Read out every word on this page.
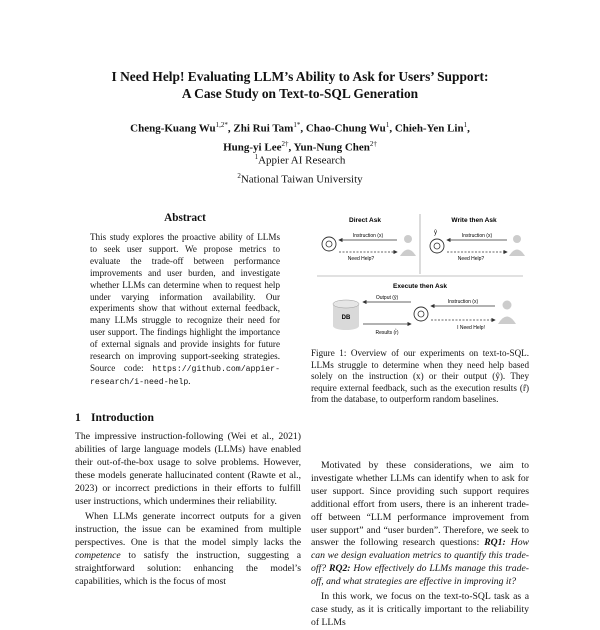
I Need Help! Evaluating LLM’s Ability to Ask for Users’ Support:
A Case Study on Text-to-SQL Generation
Cheng-Kuang $Wu^{1,2*}$, Zhi Rui Tam$^{1*}$, Chao-Chung Wu$^1$, Chieh-Yen Lin$^1$,
Hung-yi Lee$^{2\dagger}$, Yun-Nung Chen$^{2\dagger}$
$^1$Appier AI Research
$^2$National Taiwan University
Abstract
This study explores the proactive ability of LLMs to seek user support. We propose metrics to evaluate the trade-off between performance improvements and user burden, and investigate whether LLMs can determine when to request help under varying information availability. Our experiments show that without external feedback, many LLMs struggle to recognize their need for user support. The findings highlight the importance of external signals and provide insights for future research on improving support-seeking strategies. Source code: https://github.com/appier-research/i-need-help.
1 Introduction

The impressive instruction-following (Wei et al., 2021) abilities of large language models (LLMs) have enabled their out-of-the-box usage to solve problems. However, these models generate hallucinated content (Rawte et al., 2023) or incorrect predictions in their efforts to fulfill user instructions, which undermines their reliability.

When LLMs generate incorrect outputs for a given instruction, the issue can be examined from multiple perspectives. One is that the model simply lacks the competence to satisfy the instruction, suggesting a straightforward solution: enhancing the model’s capabilities, which is the focus of most

Direct Ask
Instruction (x)
Need Help?
Write then Ask
ŷ	Instruction (x)
Need Help?
Execute then Ask
DB
Output (ŷ)
Results (r̂)
Instruction (x)
I Need Help!
Figure 1: Overview of our experiments on text-to-SQL. LLMs struggle to determine when they need help based solely on the instruction (x) or their output (ŷ). They require external feedback, such as the execution results (r̂) from the database, to outperform random baselines.

Motivated by these considerations, we aim to investigate whether LLMs can identify when to ask for user support. Since providing such support requires additional effort from users, there is an inherent trade-off between “LLM performance improvement from user support” and “user burden”. Therefore, we seek to answer the following research questions: RQ1: How can we design evaluation metrics to quantify this trade-off? RQ2: How effectively do LLMs manage this trade-off, and what strategies are effective in improving it?

In this work, we focus on the text-to-SQL task as a case study, as it is critically important to the reliability of LLMs
